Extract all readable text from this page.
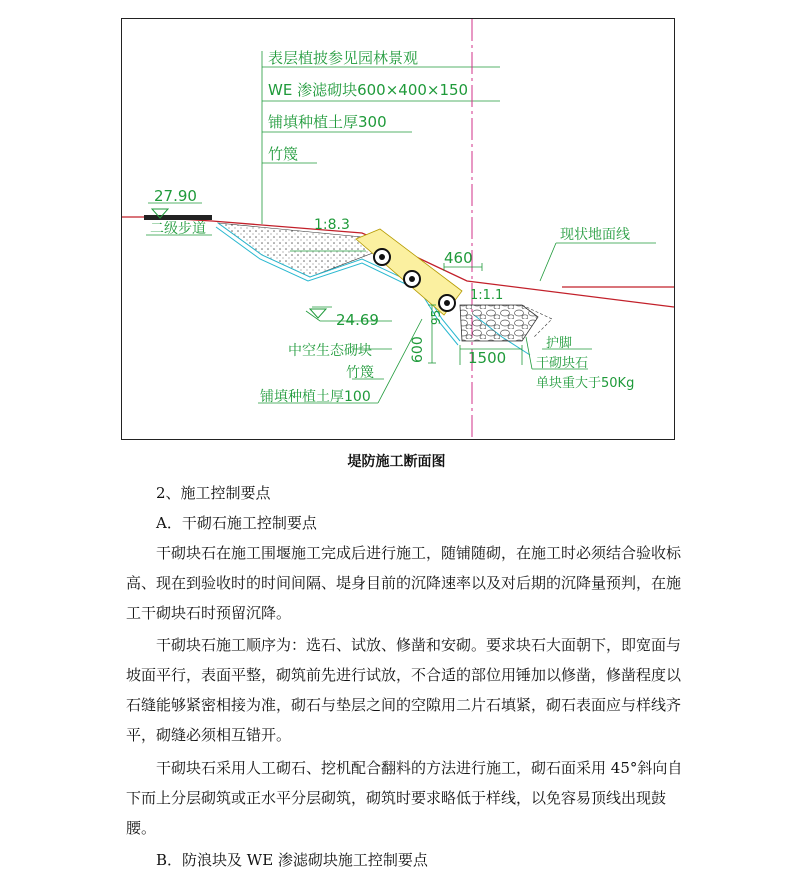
表层植披参见园林景观
WE 渗滤砌块600×400×150
铺填种植土厚300
竹篾
27.90
二级步道	1:8.3
460
1:1.1
现状地面线
24.69
中空生态砌块
竹篾
铺填种植土厚100
600
95
1500
护脚
干砌块石
单块重大于50Kg
堤防施工断面图

2、施工控制要点

A．干砌石施工控制要点

干砌块石在施工围堰施工完成后进行施工，随铺随砌，在施工时必须结合验收标高、现在到验收时的时间间隔、堤身目前的沉降速率以及对后期的沉降量预判，在施工干砌块石时预留沉降。

干砌块石施工顺序为：选石、试放、修凿和安砌。要求块石大面朝下，即宽面与坡面平行，表面平整，砌筑前先进行试放，不合适的部位用锤加以修凿，修凿程度以石缝能够紧密相接为准，砌石与垫层之间的空隙用二片石填紧，砌石表面应与样线齐平，砌缝必须相互错开。

干砌块石采用人工砌石、挖机配合翻料的方法进行施工，砌石面采用 45°斜向自下而上分层砌筑或正水平分层砌筑，砌筑时要求略低于样线，以免容易顶线出现鼓腰。

B．防浪块及 WE 渗滤砌块施工控制要点
